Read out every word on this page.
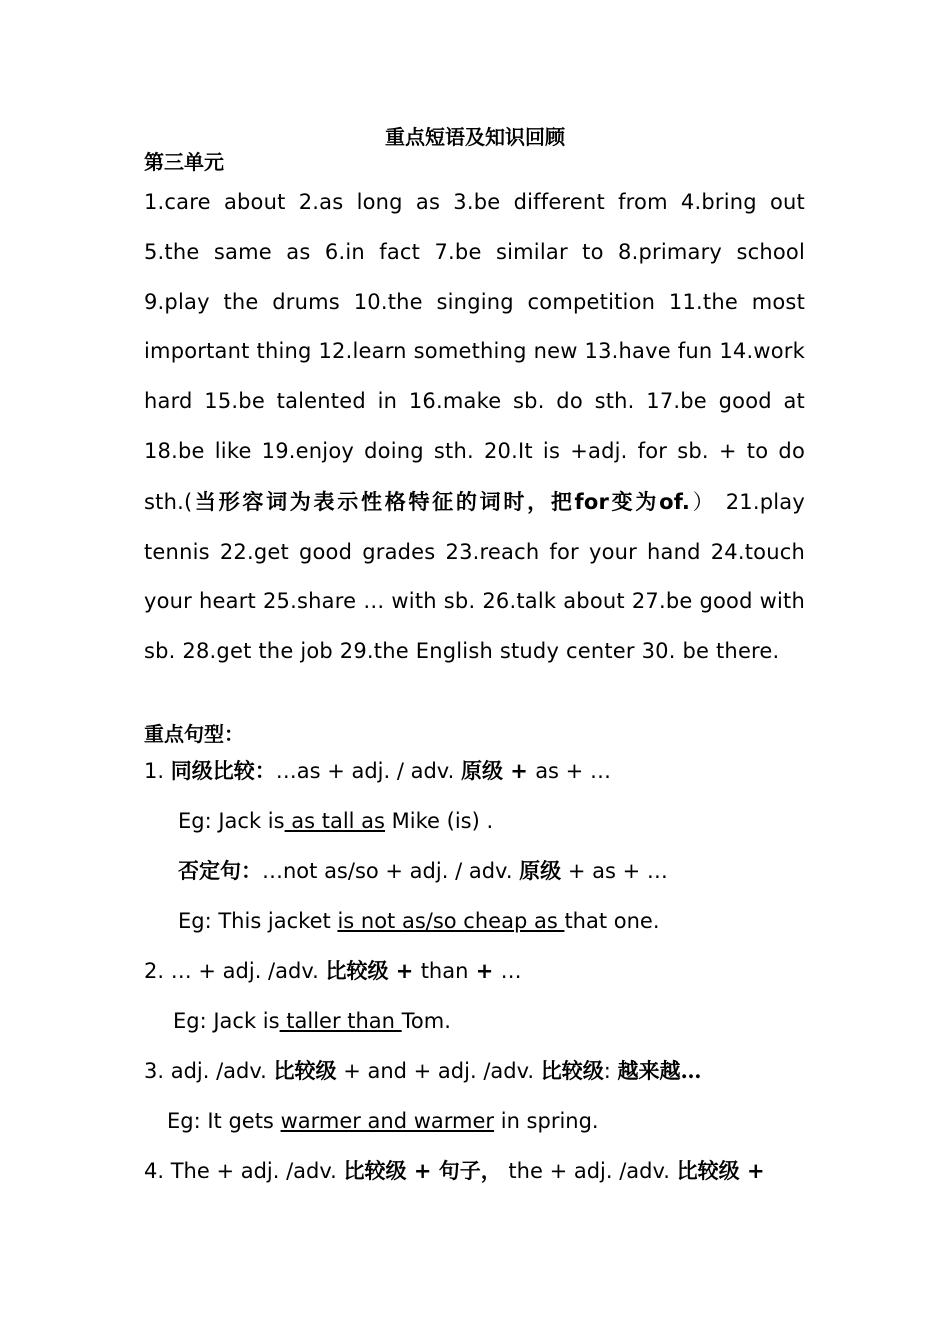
重点短语及知识回顾
第三单元
1.care about 2.as long as 3.be different from 4.bring out 5.the same as 6.in fact 7.be similar to 8.primary school 9.play the drums 10.the singing competition 11.the most important thing 12.learn something new 13.have fun 14.work hard 15.be talented in 16.make sb. do sth. 17.be good at 18.be like 19.enjoy doing sth. 20.It is +adj. for sb. + to do sth.(当形容词为表示性格特征的词时，把for变为of.） 21.play tennis 22.get good grades 23.reach for your hand 24.touch your heart 25.share … with sb. 26.talk about 27.be good with sb. 28.get the job 29.the English study center 30. be there.
重点句型：
1. 同级比较：…as + adj. / adv. 原级 + as + …
Eg: Jack is as tall as Mike (is) .
否定句：…not as/so + adj. / adv. 原级 + as + …
Eg: This jacket is not as/so cheap as that one.
2. … + adj. /adv. 比较级 + than + …
Eg: Jack is taller than Tom.
3. adj. /adv. 比较级 + and + adj. /adv. 比较级: 越来越…
Eg: It gets warmer and warmer in spring.
4. The + adj. /adv. 比较级 + 句子， the + adj. /adv. 比较级 +
